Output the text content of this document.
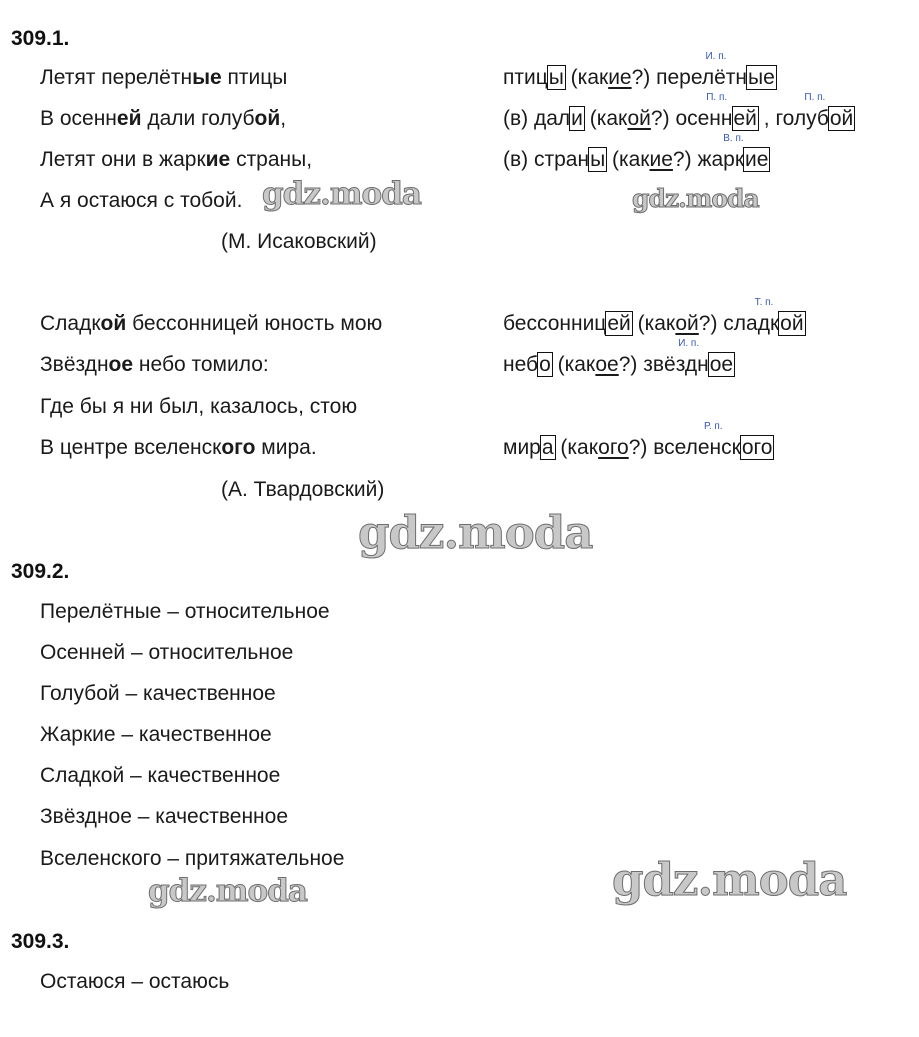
309.1.
Летят перелётные птицы
В осенней дали голубой,
Летят они в жаркие страны,
А я остаюся с тобой.
(М. Исаковский)
Сладкой бессонницей юность мою
Звёздное небо томило:
Где бы я ни был, казалось, стою
В центре вселенского мира.
(А. Твардовский)
птицы (какие?) перелётные
И. п.
(в) дали (какой?) осенней
П. п.
, голубой
П. п.
(в) страны (какие?) жаркие
В. п.
бессонницей (какой?) сладкой
Т. п.
небо (какое?) звёздное
И. п.
мира (какого?) вселенского
Р. п.
309.2.
Перелётные – относительное
Осенней – относительное
Голубой – качественное
Жаркие – качественное
Сладкой – качественное
Звёздное – качественное
Вселенского – притяжательное
309.3.
Остаюся – остаюсь
gdz.moda	gdz.moda
gdz.moda
gdz.moda	gdz.moda
